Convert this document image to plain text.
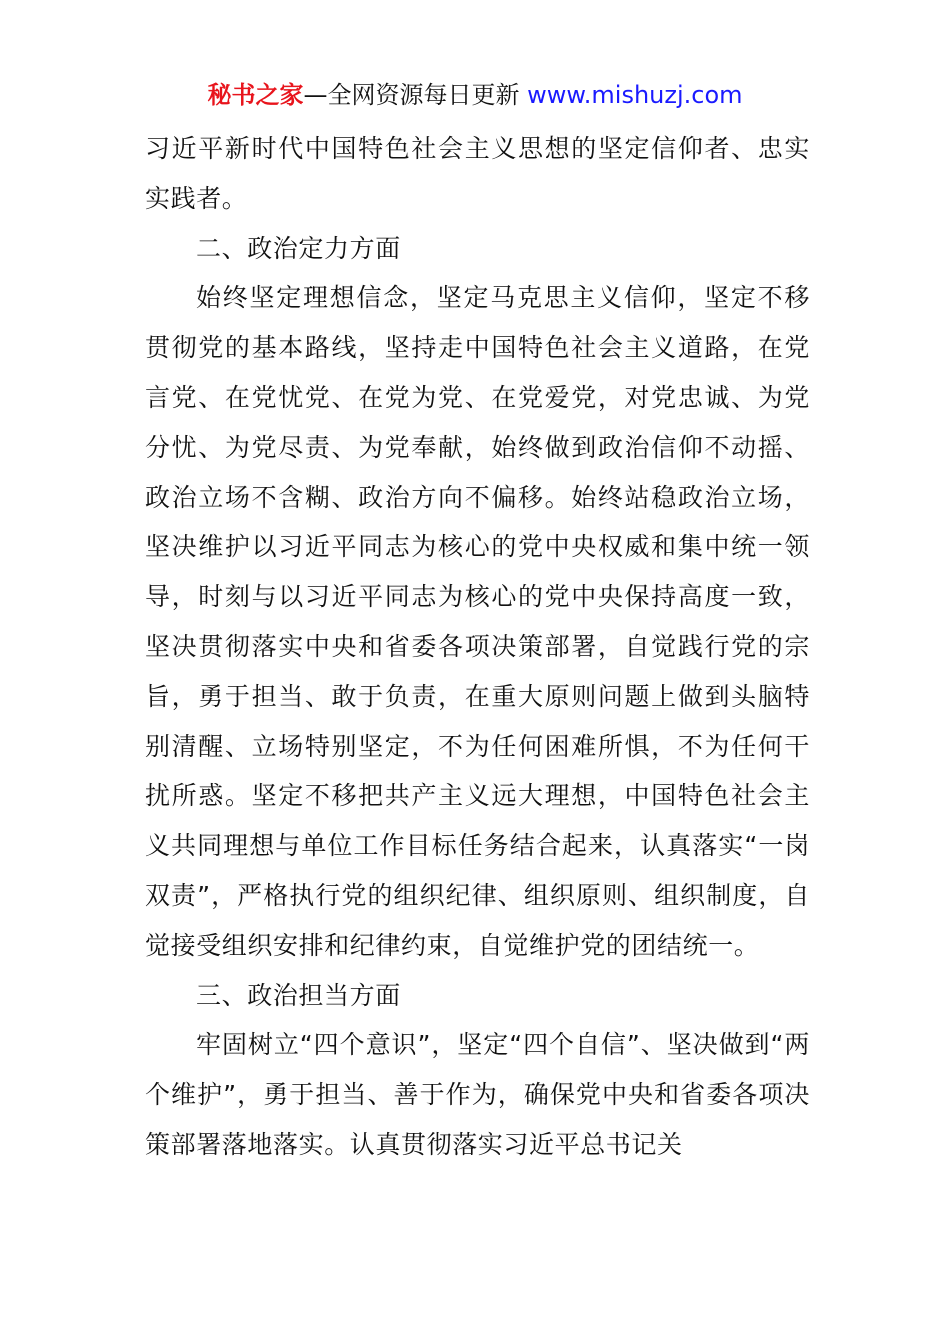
秘书之家—全网资源每日更新 www.mishuzj.com

习近平新时代中国特色社会主义思想的坚定信仰者、忠实实践者。

二、政治定力方面

始终坚定理想信念，坚定马克思主义信仰，坚定不移贯彻党的基本路线，坚持走中国特色社会主义道路，在党言党、在党忧党、在党为党、在党爱党，对党忠诚、为党分忧、为党尽责、为党奉献，始终做到政治信仰不动摇、政治立场不含糊、政治方向不偏移。始终站稳政治立场，坚决维护以习近平同志为核心的党中央权威和集中统一领导，时刻与以习近平同志为核心的党中央保持高度一致，坚决贯彻落实中央和省委各项决策部署，自觉践行党的宗旨，勇于担当、敢于负责，在重大原则问题上做到头脑特别清醒、立场特别坚定，不为任何困难所惧，不为任何干扰所惑。坚定不移把共产主义远大理想，中国特色社会主义共同理想与单位工作目标任务结合起来，认真落实“一岗双责”，严格执行党的组织纪律、组织原则、组织制度，自觉接受组织安排和纪律约束，自觉维护党的团结统一。

三、政治担当方面

牢固树立“四个意识”，坚定“四个自信”、坚决做到“两个维护”，勇于担当、善于作为，确保党中央和省委各项决策部署落地落实。认真贯彻落实习近平总书记关
